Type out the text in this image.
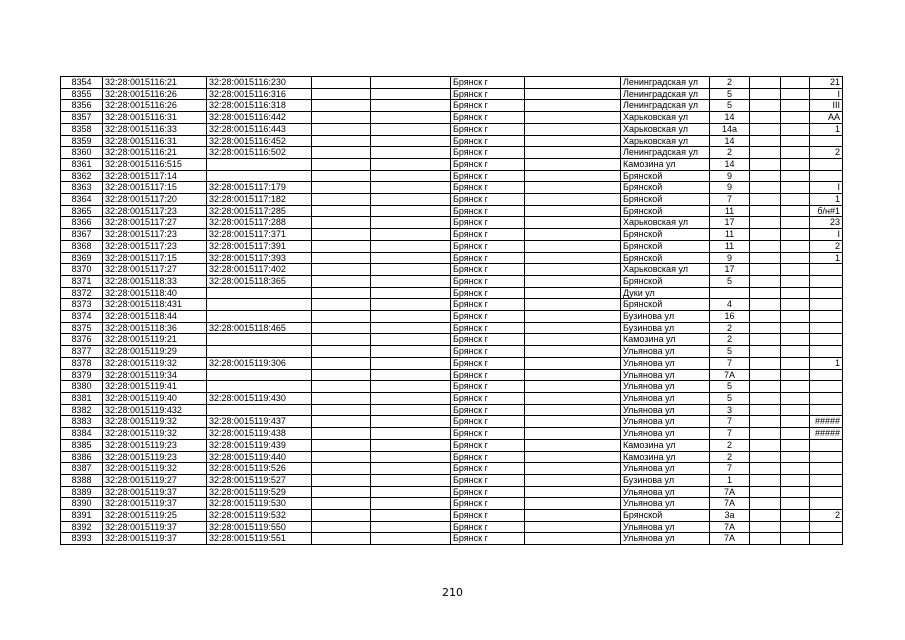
8354	32:28:0015116:21	32:28:0015116:230			Брянск г		Ленинградская ул	2			21
8355	32:28:0015116:26	32:28:0015116:316			Брянск г		Ленинградская ул	5			I
8356	32:28:0015116:26	32:28:0015116:318			Брянск г		Ленинградская ул	5			III
8357	32:28:0015116:31	32:28:0015116:442			Брянск г		Харьковская ул	14			АА
8358	32:28:0015116:33	32:28:0015116:443			Брянск г		Харьковская ул	14а			1
8359	32:28:0015116:31	32:28:0015116:452			Брянск г		Харьковская ул	14			
8360	32:28:0015116:21	32:28:0015116:502			Брянск г		Ленинградская ул	2			2
8361	32:28:0015116:515				Брянск г		Камозина ул	14			
8362	32:28:0015117:14				Брянск г		Брянской	9			
8363	32:28:0015117:15	32:28:0015117:179			Брянск г		Брянской	9			I
8364	32:28:0015117:20	32:28:0015117:182			Брянск г		Брянской	7			1
8365	32:28:0015117:23	32:28:0015117:285			Брянск г		Брянской	11			б/н#1
8366	32:28:0015117:27	32:28:0015117:288			Брянск г		Харьковская ул	17			23
8367	32:28:0015117:23	32:28:0015117:371			Брянск г		Брянской	11			I
8368	32:28:0015117:23	32:28:0015117:391			Брянск г		Брянской	11			2
8369	32:28:0015117:15	32:28:0015117:393			Брянск г		Брянской	9			1
8370	32:28:0015117:27	32:28:0015117:402			Брянск г		Харьковская ул	17			
8371	32:28:0015118:33	32:28:0015118:365			Брянск г		Брянской	5			
8372	32:28:0015118:40				Брянск г		Дуки ул				
8373	32:28:0015118:431				Брянск г		Брянской	4			
8374	32:28:0015118:44				Брянск г		Бузинова ул	16			
8375	32:28:0015118:36	32:28:0015118:465			Брянск г		Бузинова ул	2			
8376	32:28:0015119:21				Брянск г		Камозина ул	2			
8377	32:28:0015119:29				Брянск г		Ульянова ул	5			
8378	32:28:0015119:32	32:28:0015119:306			Брянск г		Ульянова ул	7			1
8379	32:28:0015119:34				Брянск г		Ульянова ул	7А			
8380	32:28:0015119:41				Брянск г		Ульянова ул	5			
8381	32:28:0015119:40	32:28:0015119:430			Брянск г		Ульянова ул	5			
8382	32:28:0015119:432				Брянск г		Ульянова ул	3			
8383	32:28:0015119:32	32:28:0015119:437			Брянск г		Ульянова ул	7			#####
8384	32:28:0015119:32	32:28:0015119:438			Брянск г		Ульянова ул	7			#####
8385	32:28:0015119:23	32:28:0015119:439			Брянск г		Камозина ул	2			
8386	32:28:0015119:23	32:28:0015119:440			Брянск г		Камозина ул	2			
8387	32:28:0015119:32	32:28:0015119:526			Брянск г		Ульянова ул	7			
8388	32:28:0015119:27	32:28:0015119:527			Брянск г		Бузинова ул	1			
8389	32:28:0015119:37	32:28:0015119:529			Брянск г		Ульянова ул	7А			
8390	32:28:0015119:37	32:28:0015119:530			Брянск г		Ульянова ул	7А			
8391	32:28:0015119:25	32:28:0015119:532			Брянск г		Брянской	3а			2
8392	32:28:0015119:37	32:28:0015119:550			Брянск г		Ульянова ул	7А			
8393	32:28:0015119:37	32:28:0015119:551			Брянск г		Ульянова ул	7А			
210
